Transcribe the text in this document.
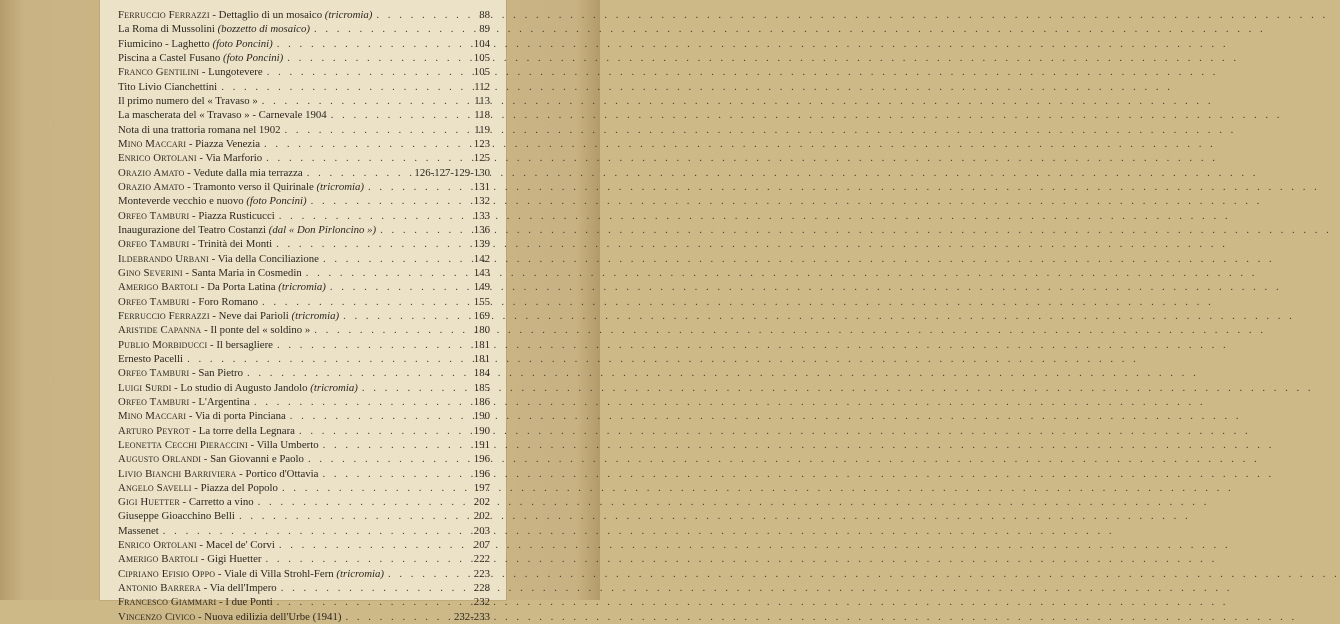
Ferruccio Ferrazzi - Dettaglio di un mosaico (tricromia) . . .	88
La Roma di Mussolini (bozzetto di mosaico) . . .	89
Fiumicino - Laghetto (foto Poncini) . . .	104
Piscina a Castel Fusano (foto Poncini) . . .	105
Franco Gentilini - Lungotevere . . .	105
Tito Livio Cianchettini . . .	112
Il primo numero del « Travaso » . . .	113
La mascherata del « Travaso » - Carnevale 1904 . . .	118
Nota di una trattoria romana nel 1902 . . .	119
Mino Maccari - Piazza Venezia . . .	123
Enrico Ortolani - Via Marforio . . .	125
Orazio Amato - Vedute dalla mia terrazza . . .	126-127-129-130
Orazio Amato - Tramonto verso il Quirinale (tricromia) . . .	131
Monteverde vecchio e nuovo (foto Poncini) . . .	132
Orfeo Tamburi - Piazza Rusticucci . . .	133
Inaugurazione del Teatro Costanzi (dal « Don Pirloncino ») . . .	136
Orfeo Tamburi - Trinità dei Monti . . .	139
Ildebrando Urbani - Via della Conciliazione . . .	142
Gino Severini - Santa Maria in Cosmedin . . .	143
Amerigo Bartoli - Da Porta Latina (tricromia) . . .	149
Orfeo Tamburi - Foro Romano . . .	155
Ferruccio Ferrazzi - Neve dai Parioli (tricromia) . . .	169
Aristide Capanna - Il ponte del « soldino » . . .	180
Publio Morbiducci - Il bersagliere . . .	181
Ernesto Pacelli . . .	181
Orfeo Tamburi - San Pietro . . .	184
Luigi Surdi - Lo studio di Augusto Jandolo (tricromia) . . .	185
Orfeo Tamburi - L'Argentina . . .	186
Mino Maccari - Via di porta Pinciana . . .	190
Arturo Peyrot - La torre della Legnara . . .	190
Leonetta Cecchi Pieraccini - Villa Umberto . . .	191
Augusto Orlandi - San Giovanni e Paolo . . .	196
Livio Bianchi Barriviera - Portico d'Ottavia . . .	196
Angelo Savelli - Piazza del Popolo . . .	197
Gigi Huetter - Carretto a vino . . .	202
Giuseppe Gioacchino Belli . . .	202
Massenet . . .	203
Enrico Ortolani - Macel de' Corvi . . .	207
Amerigo Bartoli - Gigi Huetter . . .	222
Cipriano Efisio Oppo - Viale di Villa Strohl-Fern (tricromia) . . .	223
Antonio Barrera - Via dell'Impero . . .	228
Francesco Giammari - I due Ponti . . .	232
Vincenzo Civico - Nuova edilizia dell'Urbe (1941) . . .	232-233
